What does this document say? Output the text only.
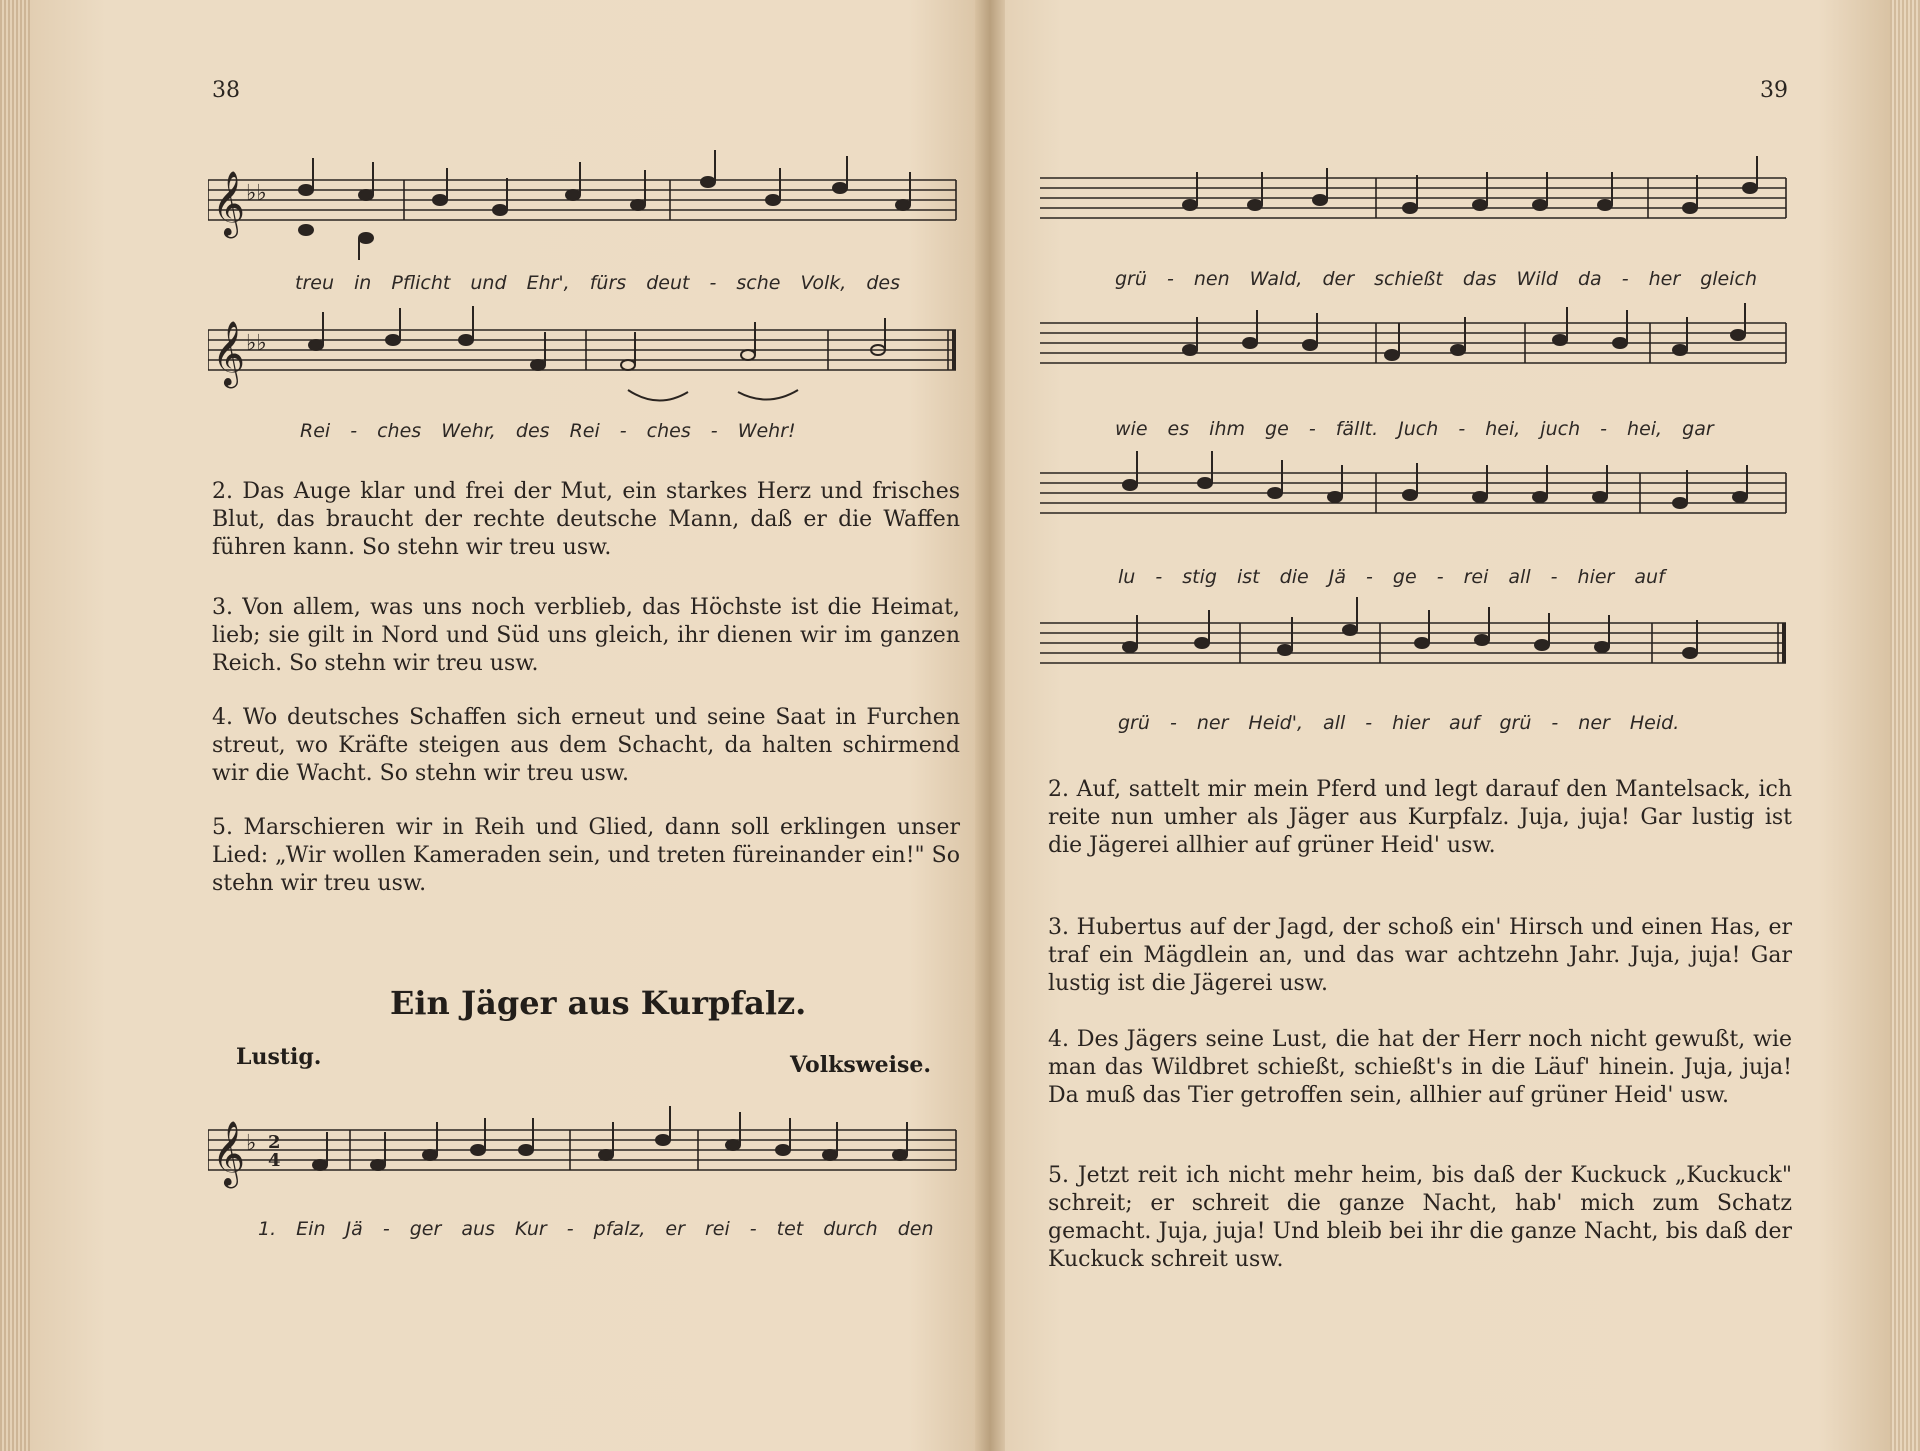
38
𝄞 ♭♭
treu in Pflicht und Ehr', fürs deut - sche Volk, des
𝄞 ♭♭
Rei - ches Wehr, des Rei - ches - Wehr!
2. Das Auge klar und frei der Mut, ein starkes Herz und frisches Blut, das braucht der rechte deutsche Mann, daß er die Waffen führen kann. So stehn wir treu usw.
3. Von allem, was uns noch verblieb, das Höchste ist die Heimat, lieb; sie gilt in Nord und Süd uns gleich, ihr dienen wir im ganzen Reich. So stehn wir treu usw.
4. Wo deutsches Schaffen sich erneut und seine Saat in Furchen streut, wo Kräfte steigen aus dem Schacht, da halten schirmend wir die Wacht. So stehn wir treu usw.
5. Marschieren wir in Reih und Glied, dann soll erklingen unser Lied: „Wir wollen Kameraden sein, und treten füreinander ein!" So stehn wir treu usw.
Ein Jäger aus Kurpfalz.
Lustig.	Volksweise.
𝄞 ♭ 2
4
1. Ein Jä - ger aus Kur - pfalz, er rei - tet durch den
39
grü - nen Wald, der schießt das Wild da - her gleich
wie es ihm ge - fällt. Juch - hei, juch - hei, gar
lu - stig ist die Jä - ge - rei all - hier auf
grü - ner Heid', all - hier auf grü - ner Heid.
2. Auf, sattelt mir mein Pferd und legt darauf den Mantelsack, ich reite nun umher als Jäger aus Kurpfalz. Juja, juja! Gar lustig ist die Jägerei allhier auf grüner Heid' usw.
3. Hubertus auf der Jagd, der schoß ein' Hirsch und einen Has, er traf ein Mägdlein an, und das war achtzehn Jahr. Juja, juja! Gar lustig ist die Jägerei usw.
4. Des Jägers seine Lust, die hat der Herr noch nicht gewußt, wie man das Wildbret schießt, schießt's in die Läuf' hinein. Juja, juja! Da muß das Tier getroffen sein, allhier auf grüner Heid' usw.
5. Jetzt reit ich nicht mehr heim, bis daß der Kuckuck „Kuckuck" schreit; er schreit die ganze Nacht, hab' mich zum Schatz gemacht. Juja, juja! Und bleib bei ihr die ganze Nacht, bis daß der Kuckuck schreit usw.
